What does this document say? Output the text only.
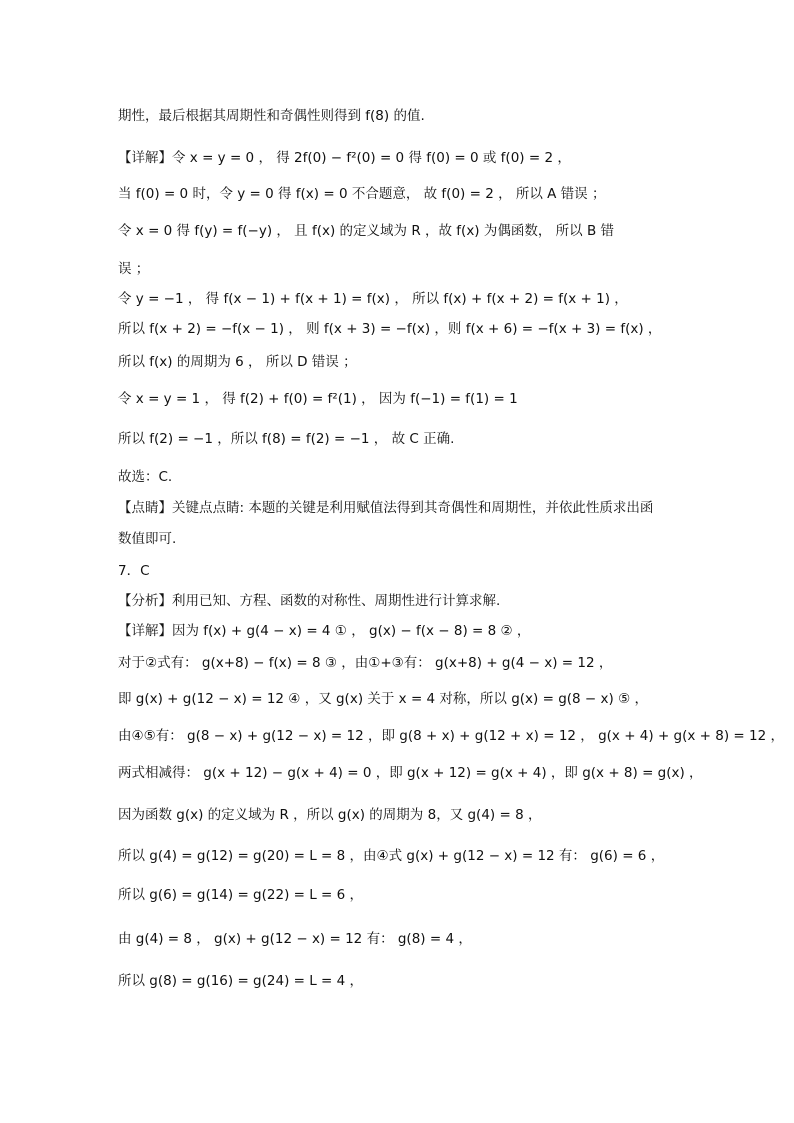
期性，最后根据其周期性和奇偶性则得到 f(8) 的值.
【详解】令 x = y = 0 ， 得 2f(0) − f²(0) = 0 得 f(0) = 0 或 f(0) = 2 ，
当 f(0) = 0 时，令 y = 0 得 f(x) = 0 不合题意， 故 f(0) = 2 ， 所以 A 错误 ；
令 x = 0 得 f(y) = f(−y) ， 且 f(x) 的定义域为 R ，故 f(x) 为偶函数， 所以 B 错
误 ；
令 y = −1 ， 得 f(x − 1) + f(x + 1) = f(x) ， 所以 f(x) + f(x + 2) = f(x + 1) ，
所以 f(x + 2) = −f(x − 1) ， 则 f(x + 3) = −f(x) ，则 f(x + 6) = −f(x + 3) = f(x) ，
所以 f(x) 的周期为 6 ， 所以 D 错误 ；
令 x = y = 1 ， 得 f(2) + f(0) = f²(1) ， 因为 f(−1) = f(1) = 1
所以 f(2) = −1 ，所以 f(8) = f(2) = −1 ， 故 C 正确.
故选：C.
【点睛】关键点点睛: 本题的关键是利用赋值法得到其奇偶性和周期性，并依此性质求出函
数值即可.
7．C
【分析】利用已知、方程、函数的对称性、周期性进行计算求解.
【详解】因为 f(x) + g(4 − x) = 4 ① ， g(x) − f(x − 8) = 8 ② ，
对于②式有： g(x+8) − f(x) = 8 ③ ，由①+③有： g(x+8) + g(4 − x) = 12 ，
即 g(x) + g(12 − x) = 12 ④ ，又 g(x) 关于 x = 4 对称，所以 g(x) = g(8 − x) ⑤ ，
由④⑤有： g(8 − x) + g(12 − x) = 12 ，即 g(8 + x) + g(12 + x) = 12 ， g(x + 4) + g(x + 8) = 12 ，
两式相减得： g(x + 12) − g(x + 4) = 0 ，即 g(x + 12) = g(x + 4) ，即 g(x + 8) = g(x) ，
因为函数 g(x) 的定义域为 R ，所以 g(x) 的周期为 8，又 g(4) = 8 ，
所以 g(4) = g(12) = g(20) = L = 8 ，由④式 g(x) + g(12 − x) = 12 有： g(6) = 6 ，
所以 g(6) = g(14) = g(22) = L = 6 ，
由 g(4) = 8 ， g(x) + g(12 − x) = 12 有： g(8) = 4 ，
所以 g(8) = g(16) = g(24) = L = 4 ，
